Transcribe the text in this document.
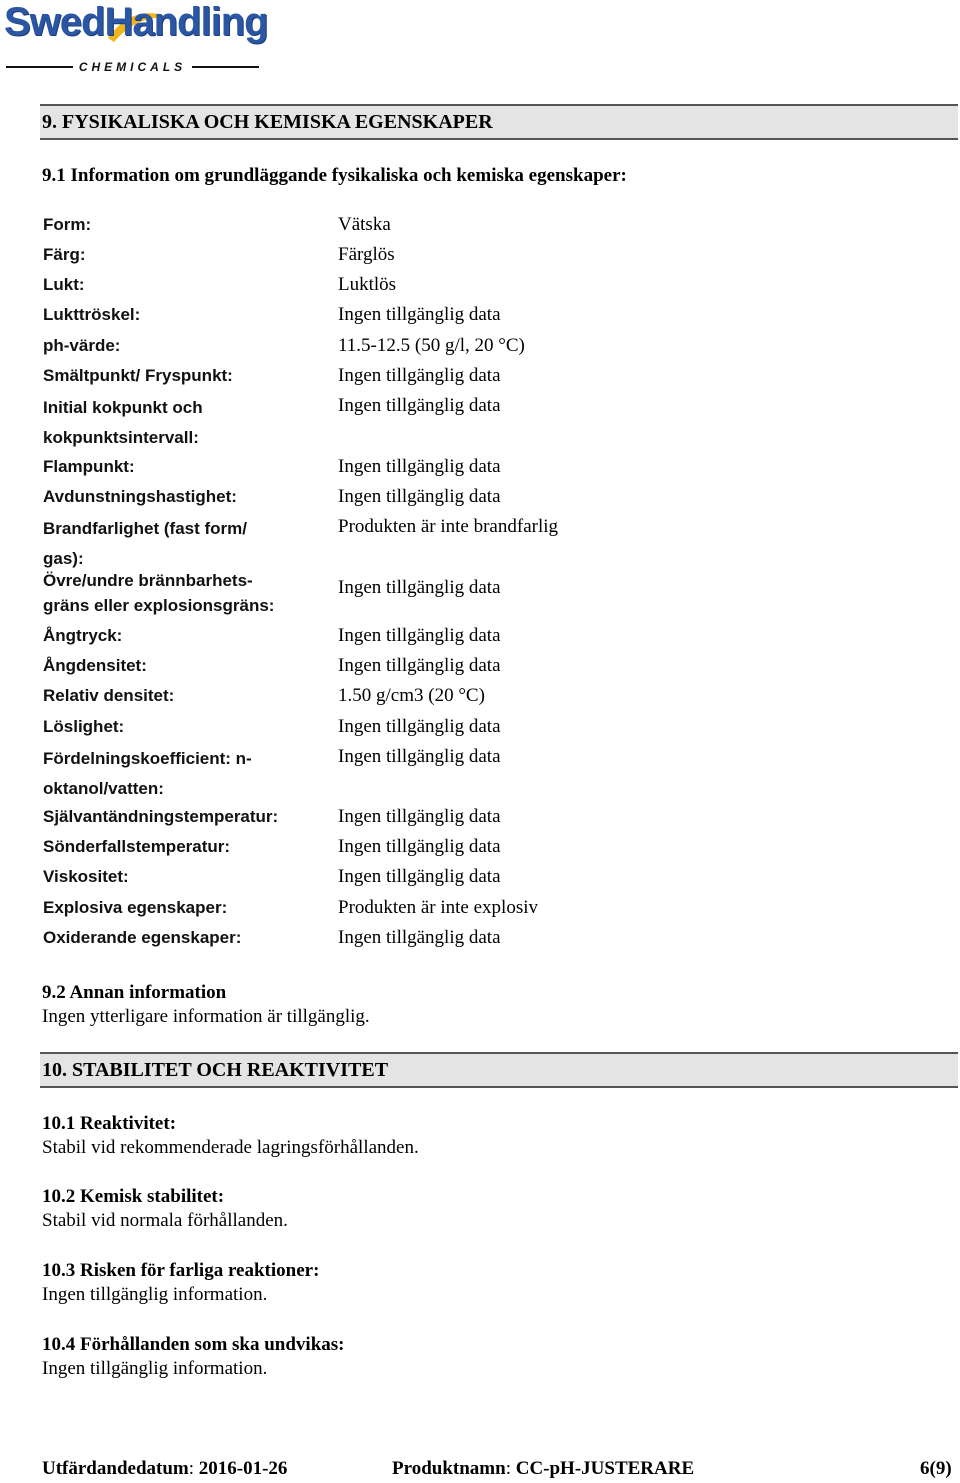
SwedHandling
CHEMICALS
9. FYSIKALISKA OCH KEMISKA EGENSKAPER
9.1 Information om grundläggande fysikaliska och kemiska egenskaper:
Form:	Vätska
Färg:	Färglös
Lukt:	Luktlös
Lukttröskel:	Ingen tillgänglig data
ph-värde:	11.5-12.5 (50 g/l, 20 °C)
Smältpunkt/ Fryspunkt:	Ingen tillgänglig data
Initial kokpunkt och kokpunktsintervall:
Ingen tillgänglig data
Flampunkt:	Ingen tillgänglig data
Avdunstningshastighet:	Ingen tillgänglig data
Brandfarlighet (fast form/ gas):
Produkten är inte brandfarlig
Övre/undre brännbarhets- gräns eller explosionsgräns:
Ingen tillgänglig data
Ångtryck:	Ingen tillgänglig data
Ångdensitet:	Ingen tillgänglig data
Relativ densitet:	1.50 g/cm3 (20 °C)
Löslighet:	Ingen tillgänglig data
Fördelningskoefficient: n-oktanol/vatten:
Ingen tillgänglig data
Självantändningstemperatur:	Ingen tillgänglig data
Sönderfallstemperatur:	Ingen tillgänglig data
Viskositet:	Ingen tillgänglig data
Explosiva egenskaper:	Produkten är inte explosiv
Oxiderande egenskaper:	Ingen tillgänglig data
9.2 Annan information
Ingen ytterligare information är tillgänglig.
10. STABILITET OCH REAKTIVITET
10.1 Reaktivitet:
Stabil vid rekommenderade lagringsförhållanden.
10.2 Kemisk stabilitet:
Stabil vid normala förhållanden.
10.3 Risken för farliga reaktioner:
Ingen tillgänglig information.
10.4 Förhållanden som ska undvikas:
Ingen tillgänglig information.
Utfärdandedatum: 2016-01-26	Produktnamn: CC-pH-JUSTERARE	6(9)
